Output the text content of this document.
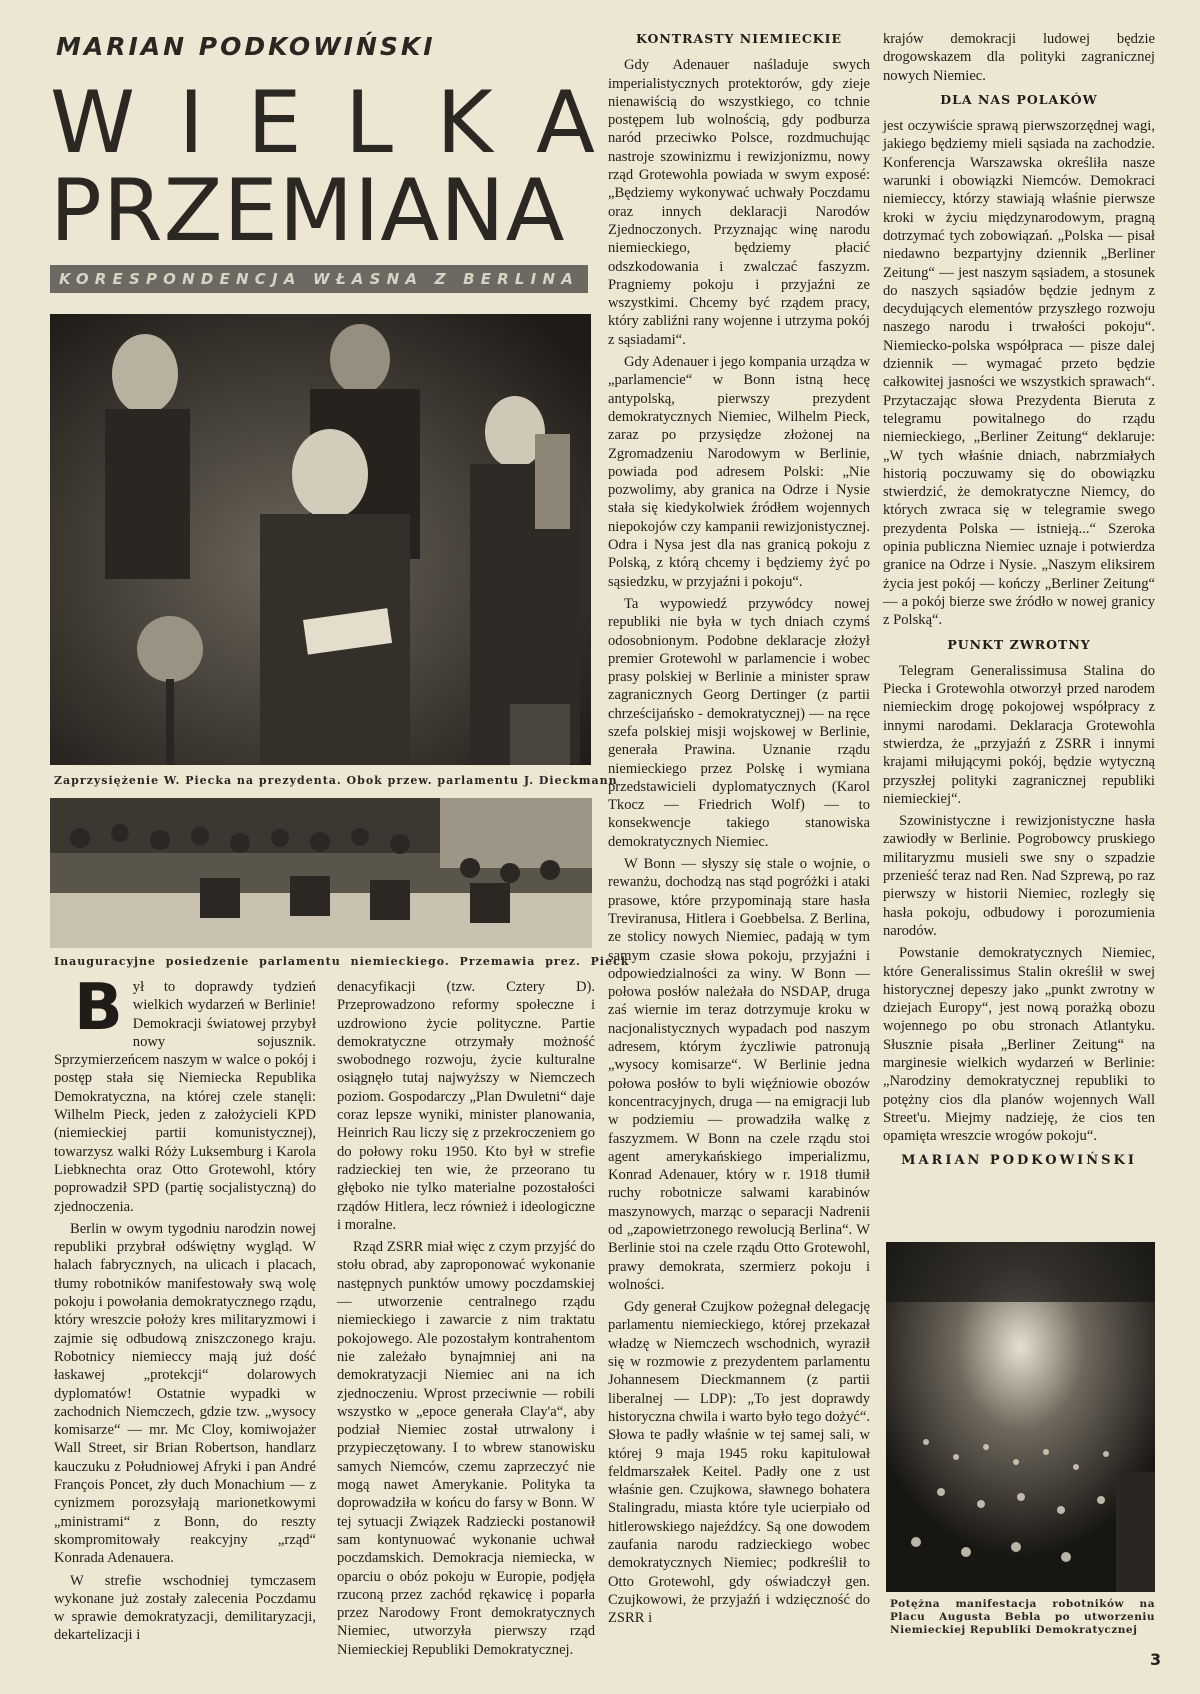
MARIAN PODKOWIŃSKI
W I E L K A
PRZEMIANA
KORESPONDENCJA WŁASNA Z BERLINA
Zaprzysiężenie W. Piecka na prezydenta. Obok przew. parlamentu J. Dieckmann
Inauguracyjne posiedzenie parlamentu niemieckiego. Przemawia prez. Pieck

Był to doprawdy tydzień wielkich wydarzeń w Berlinie! Demokracji światowej przybył nowy sojusznik. Sprzymierzeńcem naszym w walce o pokój i postęp stała się Niemiecka Republika Demokratyczna, na której czele stanęli: Wilhelm Pieck, jeden z założycieli KPD (niemieckiej partii komunistycznej), towarzysz walki Róży Luksemburg i Karola Liebknechta oraz Otto Grotewohl, który poprowadził SPD (partię socjalistyczną) do zjednoczenia.

Berlin w owym tygodniu narodzin nowej republiki przybrał odświętny wygląd. W halach fabrycznych, na ulicach i placach, tłumy robotników manifestowały swą wolę pokoju i powołania demokratycznego rządu, który wreszcie położy kres militaryzmowi i zajmie się odbudową zniszczonego kraju. Robotnicy niemieccy mają już dość łaskawej „protekcji“ dolarowych dyplomatów! Ostatnie wypadki w zachodnich Niemczech, gdzie tzw. „wysocy komisarze“ — mr. Mc Cloy, komiwojażer Wall Street, sir Brian Robertson, handlarz kauczuku z Południowej Afryki i pan André François Poncet, zły duch Monachium — z cynizmem porozsyłają marionetkowymi „ministrami“ z Bonn, do reszty skompromitowały reakcyjny „rząd“ Konrada Adenauera.

W strefie wschodniej tymczasem wykonane już zostały zalecenia Poczdamu w sprawie demokratyzacji, demilitaryzacji, dekartelizacji i

denacyfikacji (tzw. Cztery D). Przeprowadzono reformy społeczne i uzdrowiono życie polityczne. Partie demokratyczne otrzymały możność swobodnego rozwoju, życie kulturalne osiągnęło tutaj najwyższy w Niemczech poziom. Gospodarczy „Plan Dwuletni“ daje coraz lepsze wyniki, minister planowania, Heinrich Rau liczy się z przekroczeniem go do połowy roku 1950. Kto był w strefie radzieckiej ten wie, że przeorano tu głęboko nie tylko materialne pozostałości rządów Hitlera, lecz również i ideologiczne i moralne.

Rząd ZSRR miał więc z czym przyjść do stołu obrad, aby zaproponować wykonanie następnych punktów umowy poczdamskiej — utworzenie centralnego rządu niemieckiego i zawarcie z nim traktatu pokojowego. Ale pozostałym kontrahentom nie zależało bynajmniej ani na demokratyzacji Niemiec ani na ich zjednoczeniu. Wprost przeciwnie — robili wszystko w „epoce generała Clay'a“, aby podział Niemiec został utrwalony i przypieczętowany. I to wbrew stanowisku samych Niemców, czemu zaprzeczyć nie mogą nawet Amerykanie. Polityka ta doprowadziła w końcu do farsy w Bonn. W tej sytuacji Związek Radziecki postanowił sam kontynuować wykonanie uchwał poczdamskich. Demokracja niemiecka, w oparciu o obóz pokoju w Europie, podjęła rzuconą przez zachód rękawicę i poparła przez Narodowy Front demokratycznych Niemiec, utworzyła pierwszy rząd Niemieckiej Republiki Demokratycznej.

KONTRASTY NIEMIECKIE

Gdy Adenauer naśladuje swych imperialistycznych protektorów, gdy zieje nienawiścią do wszystkiego, co tchnie postępem lub wolnością, gdy podburza naród przeciwko Polsce, rozdmuchując nastroje szowinizmu i rewizjonizmu, nowy rząd Grotewohla powiada w swym exposé: „Będziemy wykonywać uchwały Poczdamu oraz innych deklaracji Narodów Zjednoczonych. Przyznając winę narodu niemieckiego, będziemy płacić odszkodowania i zwalczać faszyzm. Pragniemy pokoju i przyjaźni ze wszystkimi. Chcemy być rządem pracy, który zabliźni rany wojenne i utrzyma pokój z sąsiadami“.

Gdy Adenauer i jego kompania urządza w „parlamencie“ w Bonn istną hecę antypolską, pierwszy prezydent demokratycznych Niemiec, Wilhelm Pieck, zaraz po przysiędze złożonej na Zgromadzeniu Narodowym w Berlinie, powiada pod adresem Polski: „Nie pozwolimy, aby granica na Odrze i Nysie stała się kiedykolwiek źródłem wojennych niepokojów czy kampanii rewizjonistycznej. Odra i Nysa jest dla nas granicą pokoju z Polską, z którą chcemy i będziemy żyć po sąsiedzku, w przyjaźni i pokoju“.

Ta wypowiedź przywódcy nowej republiki nie była w tych dniach czymś odosobnionym. Podobne deklaracje złożył premier Grotewohl w parlamencie i wobec prasy polskiej w Berlinie a minister spraw zagranicznych Georg Dertinger (z partii chrześcijańsko - demokratycznej) — na ręce szefa polskiej misji wojskowej w Berlinie, generała Prawina. Uznanie rządu niemieckiego przez Polskę i wymiana przedstawicieli dyplomatycznych (Karol Tkocz — Friedrich Wolf) — to konsekwencje takiego stanowiska demokratycznych Niemiec.

W Bonn — słyszy się stale o wojnie, o rewanżu, dochodzą nas stąd pogróżki i ataki prasowe, które przypominają stare hasła Treviranusa, Hitlera i Goebbelsa. Z Berlina, ze stolicy nowych Niemiec, padają w tym samym czasie słowa pokoju, przyjaźni i odpowiedzialności za winy. W Bonn — połowa posłów należała do NSDAP, druga zaś wiernie im teraz dotrzymuje kroku w nacjonalistycznych wypadach pod naszym adresem, którym życzliwie patronują „wysocy komisarze“. W Berlinie jedna połowa posłów to byli więźniowie obozów koncentracyjnych, druga — na emigracji lub w podziemiu — prowadziła walkę z faszyzmem. W Bonn na czele rządu stoi agent amerykańskiego imperializmu, Konrad Adenauer, który w r. 1918 tłumił ruchy robotnicze salwami karabinów maszynowych, marząc o separacji Nadrenii od „zapowietrzonego rewolucją Berlina“. W Berlinie stoi na czele rządu Otto Grotewohl, prawy demokrata, szermierz pokoju i wolności.

Gdy generał Czujkow pożegnał delegację parlamentu niemieckiego, której przekazał władzę w Niemczech wschodnich, wyraził się w rozmowie z prezydentem parlamentu Johannesem Dieckmannem (z partii liberalnej — LDP): „To jest doprawdy historyczna chwila i warto było tego dożyć“. Słowa te padły właśnie w tej samej sali, w której 9 maja 1945 roku kapitulował feldmarszałek Keitel. Padły one z ust właśnie gen. Czujkowa, sławnego bohatera Stalingradu, miasta które tyle ucierpiało od hitlerowskiego najeźdźcy. Są one dowodem zaufania narodu radzieckiego wobec demokratycznych Niemiec; podkreślił to Otto Grotewohl, gdy oświadczył gen. Czujkowowi, że przyjaźń i wdzięczność do ZSRR i

krajów demokracji ludowej będzie drogowskazem dla polityki zagranicznej nowych Niemiec.

DLA NAS POLAKÓW

jest oczywiście sprawą pierwszorzędnej wagi, jakiego będziemy mieli sąsiada na zachodzie. Konferencja Warszawska określiła nasze warunki i obowiązki Niemców. Demokraci niemieccy, którzy stawiają właśnie pierwsze kroki w życiu międzynarodowym, pragną dotrzymać tych zobowiązań. „Polska — pisał niedawno bezpartyjny dziennik „Berliner Zeitung“ — jest naszym sąsiadem, a stosunek do naszych sąsiadów będzie jednym z decydujących elementów przyszłego rozwoju naszego narodu i trwałości pokoju“. Niemiecko-polska współpraca — pisze dalej dziennik — wymagać przeto będzie całkowitej jasności we wszystkich sprawach“. Przytaczając słowa Prezydenta Bieruta z telegramu powitalnego do rządu niemieckiego, „Berliner Zeitung“ deklaruje: „W tych właśnie dniach, nabrzmiałych historią poczuwamy się do obowiązku stwierdzić, że demokratyczne Niemcy, do których zwraca się w telegramie swego prezydenta Polska — istnieją...“ Szeroka opinia publiczna Niemiec uznaje i potwierdza granice na Odrze i Nysie. „Naszym eliksirem życia jest pokój — kończy „Berliner Zeitung“ — a pokój bierze swe źródło w nowej granicy z Polską“.

PUNKT ZWROTNY

Telegram Generalissimusa Stalina do Piecka i Grotewohla otworzył przed narodem niemieckim drogę pokojowej współpracy z innymi narodami. Deklaracja Grotewohla stwierdza, że „przyjaźń z ZSRR i innymi krajami miłującymi pokój, będzie wytyczną przyszłej polityki zagranicznej republiki niemieckiej“.

Szowinistyczne i rewizjonistyczne hasła zawiodły w Berlinie. Pogrobowcy pruskiego militaryzmu musieli swe sny o szpadzie przenieść teraz nad Ren. Nad Szprewą, po raz pierwszy w historii Niemiec, rozległy się hasła pokoju, odbudowy i porozumienia narodów.

Powstanie demokratycznych Niemiec, które Generalissimus Stalin określił w swej historycznej depeszy jako „punkt zwrotny w dziejach Europy“, jest nową porażką obozu wojennego po obu stronach Atlantyku. Słusznie pisała „Berliner Zeitung“ na marginesie wielkich wydarzeń w Berlinie: „Narodziny demokratycznej republiki to potężny cios dla planów wojennych Wall Street'u. Miejmy nadzieję, że cios ten opamięta wreszcie wrogów pokoju“.

MARIAN PODKOWIŃSKI
Potężna manifestacja robotników na Placu Augusta Bebla po utworzeniu Niemieckiej Republiki Demokratycznej
3
